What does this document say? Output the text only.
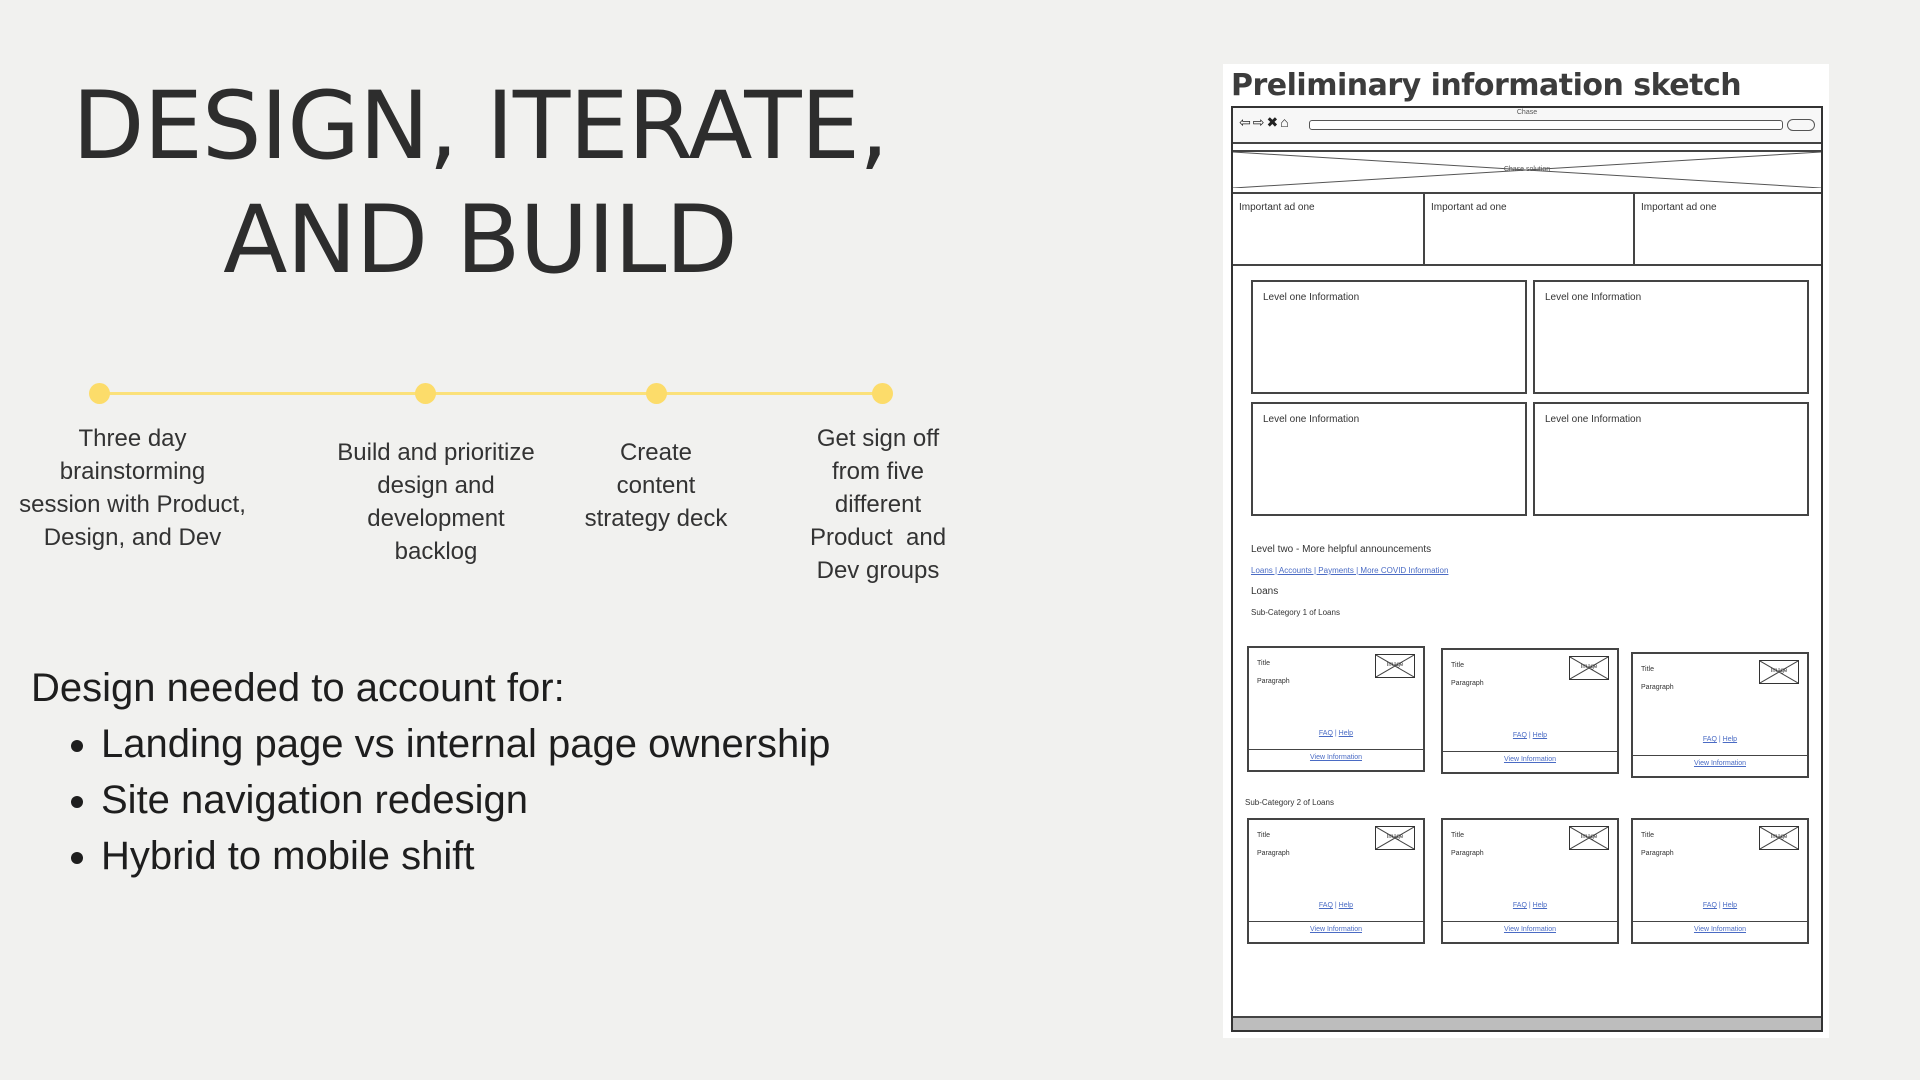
DESIGN, ITERATE,
AND BUILD
Three day
brainstorming
session with Product,
Design, and Dev
Build and prioritize
design and
development
backlog
Create
content
strategy deck
Get sign off
from five
different
Product  and
Dev groups

Design needed to account for:

• Landing page vs internal page ownership
• Site navigation redesign
• Hybrid to mobile shift

Preliminary information sketch

Chase
⇦⇨✖⌂
Chase solution
Important ad one	Important ad one	Important ad one
Level one Information	Level one Information
Level one Information	Level one Information
Level two - More helpful announcements
Loans | Accounts | Payments | More COVID Information
Loans
Sub-Category 1 of Loans
Title
Paragraph
Image
FAQ | Help
View Information
Title
Paragraph
Image
FAQ | Help
View Information
Title
Paragraph
Image
FAQ | Help
View Information
Sub-Category 2 of Loans
Title
Paragraph
Image
FAQ | Help
View Information
Title
Paragraph
Image
FAQ | Help
View Information
Title
Paragraph
Image
FAQ | Help
View Information
